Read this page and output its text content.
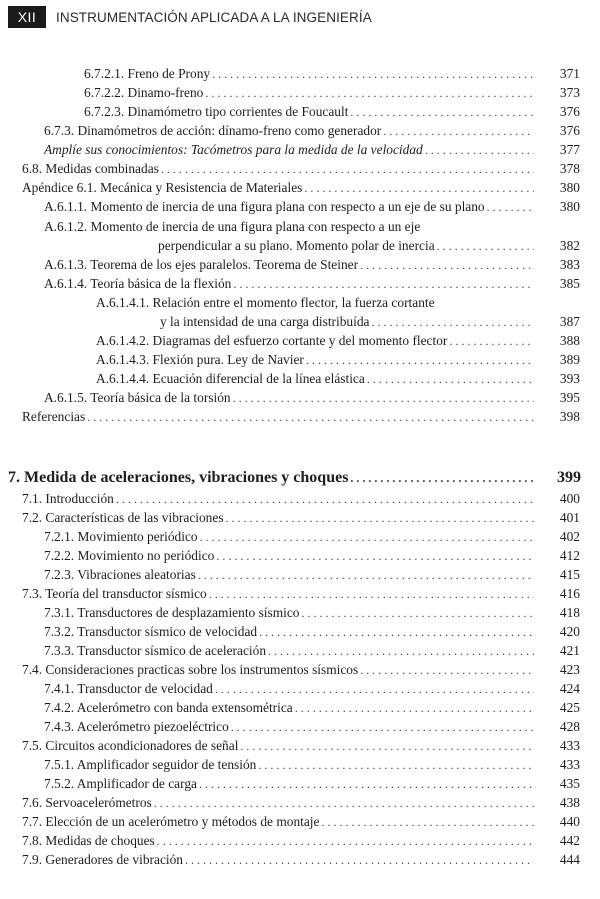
XII	INSTRUMENTACIÓN APLICADA A LA INGENIERÍA
6.7.2.1. Freno de Prony . . .	371
6.7.2.2. Dinamo-freno . . .	373
6.7.2.3. Dinamómetro tipo corrientes de Foucault . . .	376
6.7.3. Dinamómetros de acción: dínamo-freno como generador . . .	376
Amplíe sus conocimientos: Tacómetros para la medida de la velocidad . . .	377
6.8. Medidas combinadas . . .	378
Apéndice 6.1. Mecánica y Resistencia de Materiales . . .	380
A.6.1.1. Momento de inercia de una figura plana con respecto a un eje de su plano . . .	380
A.6.1.2. Momento de inercia de una figura plana con respecto a un eje
perpendicular a su plano. Momento polar de inercia . . .	382
A.6.1.3. Teorema de los ejes paralelos. Teorema de Steiner . . .	383
A.6.1.4. Teoría básica de la flexión . . .	385
A.6.1.4.1. Relación entre el momento flector, la fuerza cortante
y la intensidad de una carga distribuída . . .	387
A.6.1.4.2. Diagramas del esfuerzo cortante y del momento flector . . .	388
A.6.1.4.3. Flexión pura. Ley de Navier . . .	389
A.6.1.4.4. Ecuación diferencial de la línea elástica . . .	393
A.6.1.5. Teoría básica de la torsión . . .	395
Referencias . . .	398
7. Medida de aceleraciones, vibraciones y choques . . .	399
7.1. Introducción . . .	400
7.2. Características de las vibraciones . . .	401
7.2.1. Movimiento periódico . . .	402
7.2.2. Movimiento no periódico . . .	412
7.2.3. Vibraciones aleatorias . . .	415
7.3. Teoría del transductor sísmico . . .	416
7.3.1. Transductores de desplazamiento sísmico . . .	418
7.3.2. Transductor sísmico de velocidad . . .	420
7.3.3. Transductor sísmico de aceleración . . .	421
7.4. Consideraciones practicas sobre los instrumentos sísmicos . . .	423
7.4.1. Transductor de velocidad . . .	424
7.4.2. Acelerómetro con banda extensométrica . . .	425
7.4.3. Acelerómetro piezoeléctrico . . .	428
7.5. Circuitos acondicionadores de señal . . .	433
7.5.1. Amplificador seguidor de tensión . . .	433
7.5.2. Amplificador de carga . . .	435
7.6. Servoacelerómetros . . .	438
7.7. Elección de un acelerómetro y métodos de montaje . . .	440
7.8. Medidas de choques . . .	442
7.9. Generadores de vibración . . .	444
